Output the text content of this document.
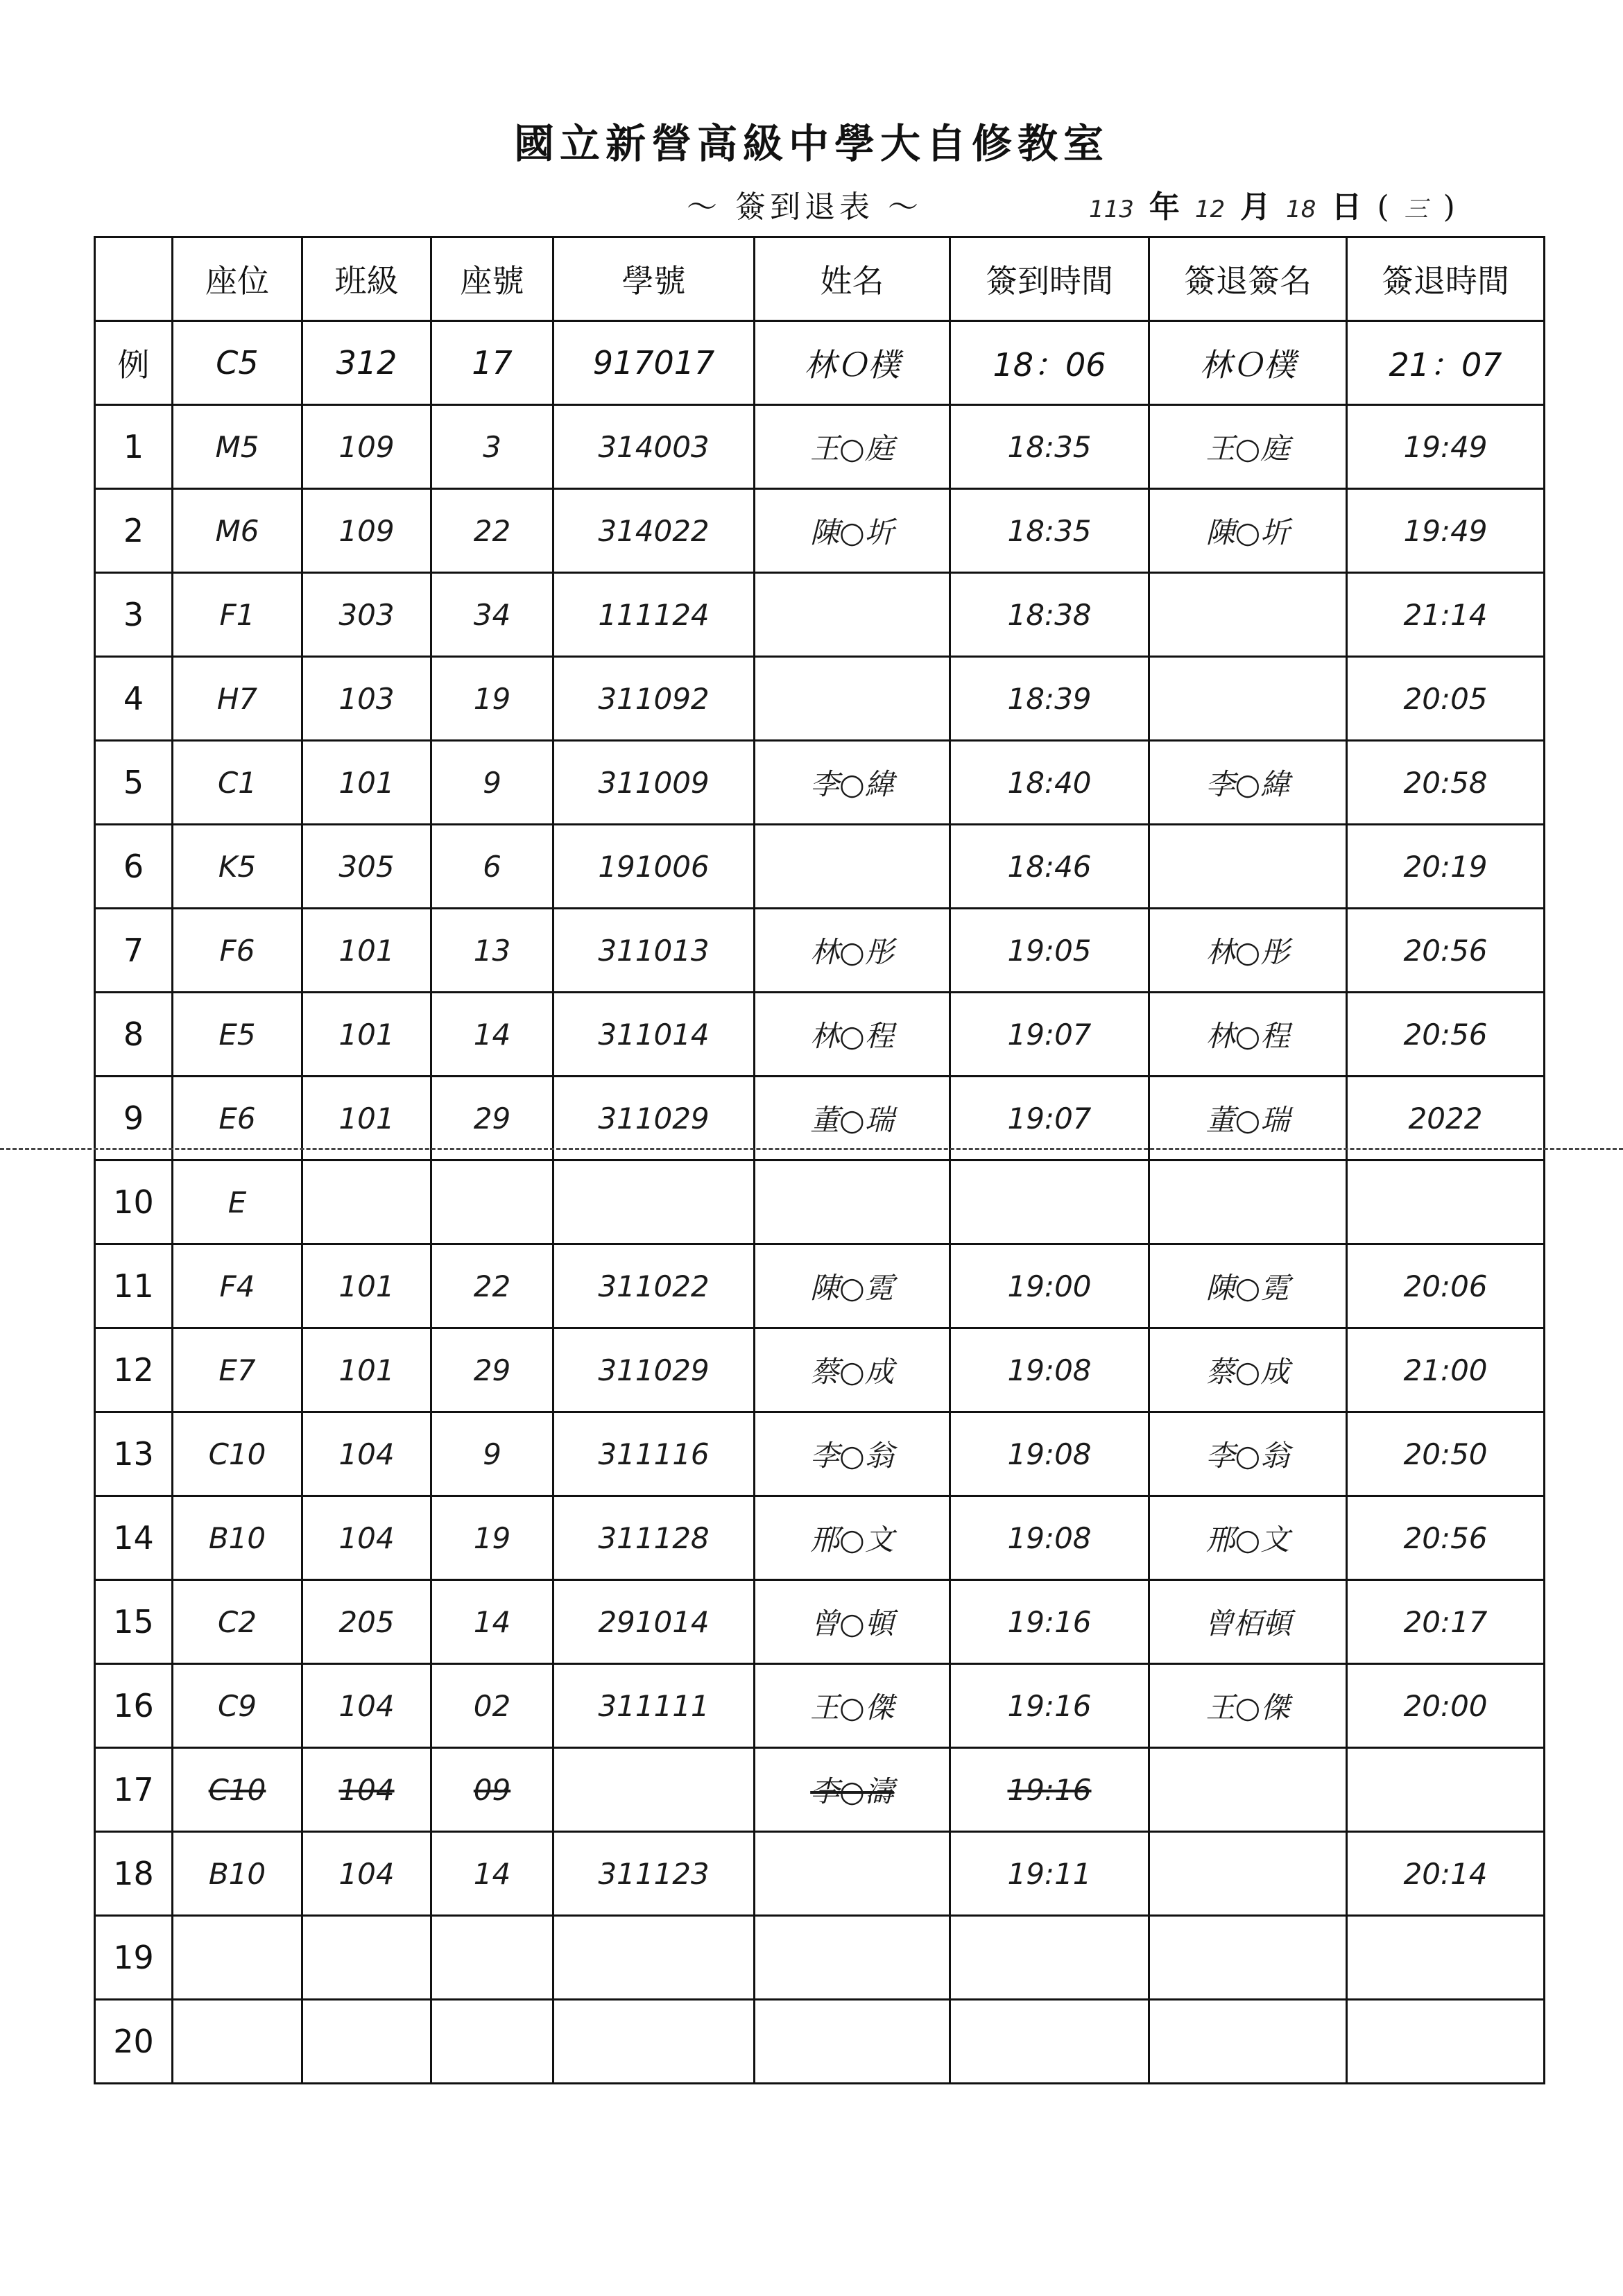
國立新營高級中學大自修教室
～ 簽到退表 ～	113 年 12 月 18 日 ( 三 )
	座位	班級	座號	學號	姓名	簽到時間	簽退簽名	簽退時間
例	C5	312	17	917017	林Ｏ樸	18：06	林Ｏ樸	21：07
1	M5	109	3	314003	王○庭	18:35	王○庭	19:49
2	M6	109	22	314022	陳○圻	18:35	陳○圻	19:49
3	F1	303	34	111124		18:38		21:14
4	H7	103	19	311092		18:39		20:05
5	C1	101	9	311009	李○緯	18:40	李○緯	20:58
6	K5	305	6	191006		18:46		20:19
7	F6	101	13	311013	林○彤	19:05	林○彤	20:56
8	E5	101	14	311014	林○程	19:07	林○程	20:56
9	E6	101	29	311029	董○瑞	19:07	董○瑞	2022
10	E							
11	F4	101	22	311022	陳○霓	19:00	陳○霓	20:06
12	E7	101	29	311029	蔡○成	19:08	蔡○成	21:00
13	C10	104	9	311116	李○翁	19:08	李○翁	20:50
14	B10	104	19	311128	邢○文	19:08	邢○文	20:56
15	C2	205	14	291014	曾○頓	19:16	曾栢頓	20:17
16	C9	104	02	311111	王○傑	19:16	王○傑	20:00
17	C10	104	09		李○濤	19:16		
18	B10	104	14	311123		19:11		20:14
19								
20								
